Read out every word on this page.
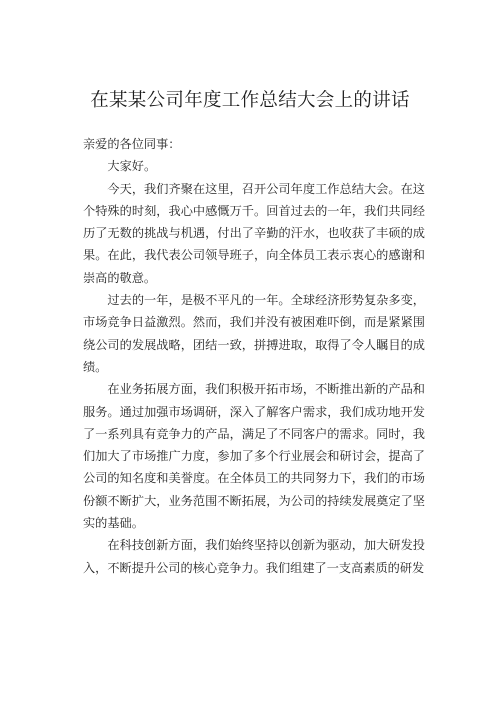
在某某公司年度工作总结大会上的讲话

亲爱的各位同事：

大家好。

今天，我们齐聚在这里，召开公司年度工作总结大会。在这个特殊的时刻，我心中感慨万千。回首过去的一年，我们共同经历了无数的挑战与机遇，付出了辛勤的汗水，也收获了丰硕的成果。在此，我代表公司领导班子，向全体员工表示衷心的感谢和崇高的敬意。

过去的一年，是极不平凡的一年。全球经济形势复杂多变，市场竞争日益激烈。然而，我们并没有被困难吓倒，而是紧紧围绕公司的发展战略，团结一致，拼搏进取，取得了令人瞩目的成绩。

在业务拓展方面，我们积极开拓市场，不断推出新的产品和服务。通过加强市场调研，深入了解客户需求，我们成功地开发了一系列具有竞争力的产品，满足了不同客户的需求。同时，我们加大了市场推广力度，参加了多个行业展会和研讨会，提高了公司的知名度和美誉度。在全体员工的共同努力下，我们的市场份额不断扩大，业务范围不断拓展，为公司的持续发展奠定了坚实的基础。

在科技创新方面，我们始终坚持以创新为驱动，加大研发投入，不断提升公司的核心竞争力。我们组建了一支高素质的研发
